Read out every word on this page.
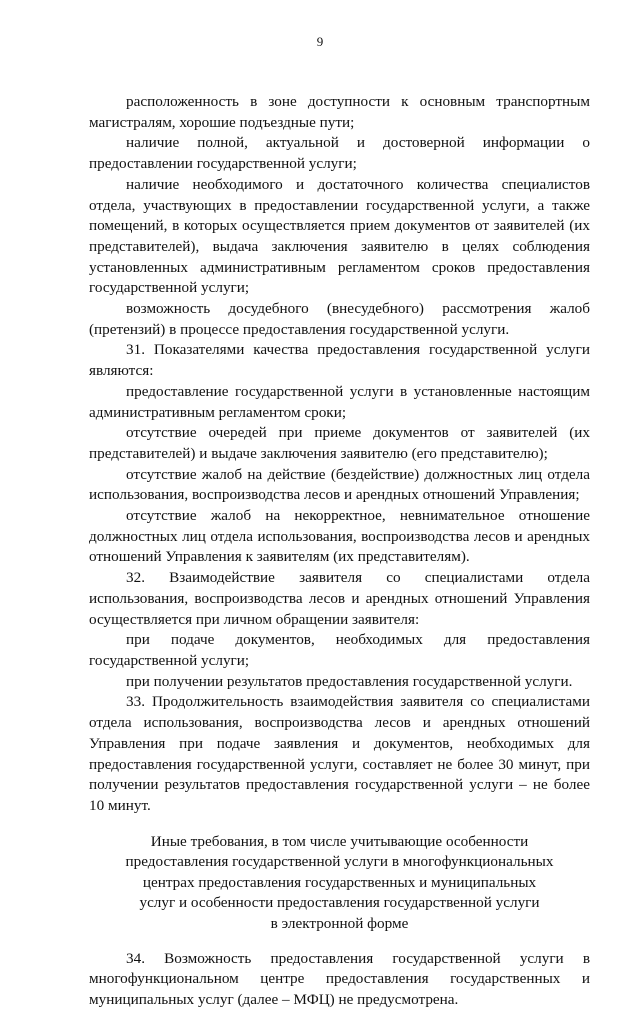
9

расположенность в зоне доступности к основным транспортным магистралям, хорошие подъездные пути;

наличие полной, актуальной и достоверной информации о предоставлении государственной услуги;

наличие необходимого и достаточного количества специалистов отдела, участвующих в предоставлении государственной услуги, а также помещений, в которых осуществляется прием документов от заявителей (их представителей), выдача заключения заявителю в целях соблюдения установленных административным регламентом сроков предоставления государственной услуги;

возможность досудебного (внесудебного) рассмотрения жалоб (претензий) в процессе предоставления государственной услуги.

31. Показателями качества предоставления государственной услуги являются:

предоставление государственной услуги в установленные настоящим административным регламентом сроки;

отсутствие очередей при приеме документов от заявителей (их представителей) и выдаче заключения заявителю (его представителю);

отсутствие жалоб на действие (бездействие) должностных лиц отдела использования, воспроизводства лесов и арендных отношений Управления;

отсутствие жалоб на некорректное, невнимательное отношение должностных лиц отдела использования, воспроизводства лесов и арендных отношений Управления к заявителям (их представителям).

32. Взаимодействие заявителя со специалистами отдела использования, воспроизводства лесов и арендных отношений Управления осуществляется при личном обращении заявителя:

при подаче документов, необходимых для предоставления государственной услуги;

при получении результатов предоставления государственной услуги.

33. Продолжительность взаимодействия заявителя со специалистами отдела использования, воспроизводства лесов и арендных отношений Управления при подаче заявления и документов, необходимых для предоставления государственной услуги, составляет не более 30 минут, при получении результатов предоставления государственной услуги – не более 10 минут.

Иные требования, в том числе учитывающие особенности
предоставления государственной услуги в многофункциональных
центрах предоставления государственных и муниципальных
услуг и особенности предоставления государственной услуги
в электронной форме

34. Возможность предоставления государственной услуги в многофункциональном центре предоставления государственных и муниципальных услуг (далее – МФЦ) не предусмотрена.
